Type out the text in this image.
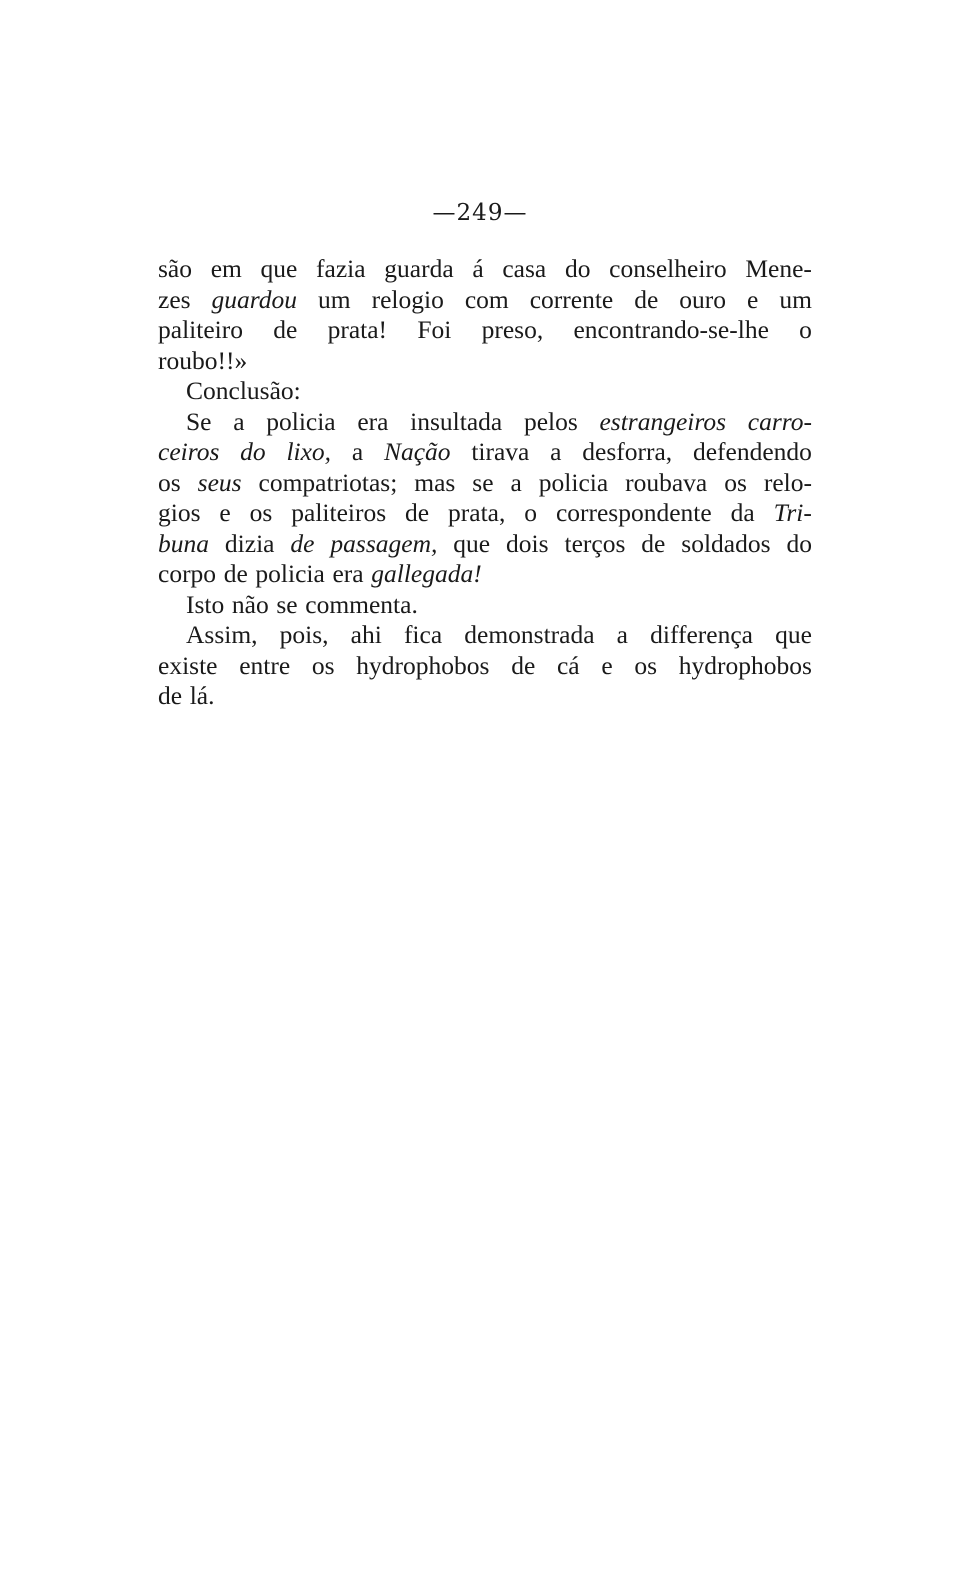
—249—
são em que fazia guarda á casa do conselheiro Mene-
zes guardou um relogio com corrente de ouro e um
paliteiro de prata! Foi preso, encontrando-se-lhe o
roubo!!»
Conclusão:
Se a policia era insultada pelos estrangeiros carro-
ceiros do lixo, a Nação tirava a desforra, defendendo
os seus compatriotas; mas se a policia roubava os relo-
gios e os paliteiros de prata, o correspondente da Tri-
buna dizia de passagem, que dois terços de soldados do
corpo de policia era gallegada!
Isto não se commenta.
Assim, pois, ahi fica demonstrada a differença que
existe entre os hydrophobos de cá e os hydrophobos
de lá.
